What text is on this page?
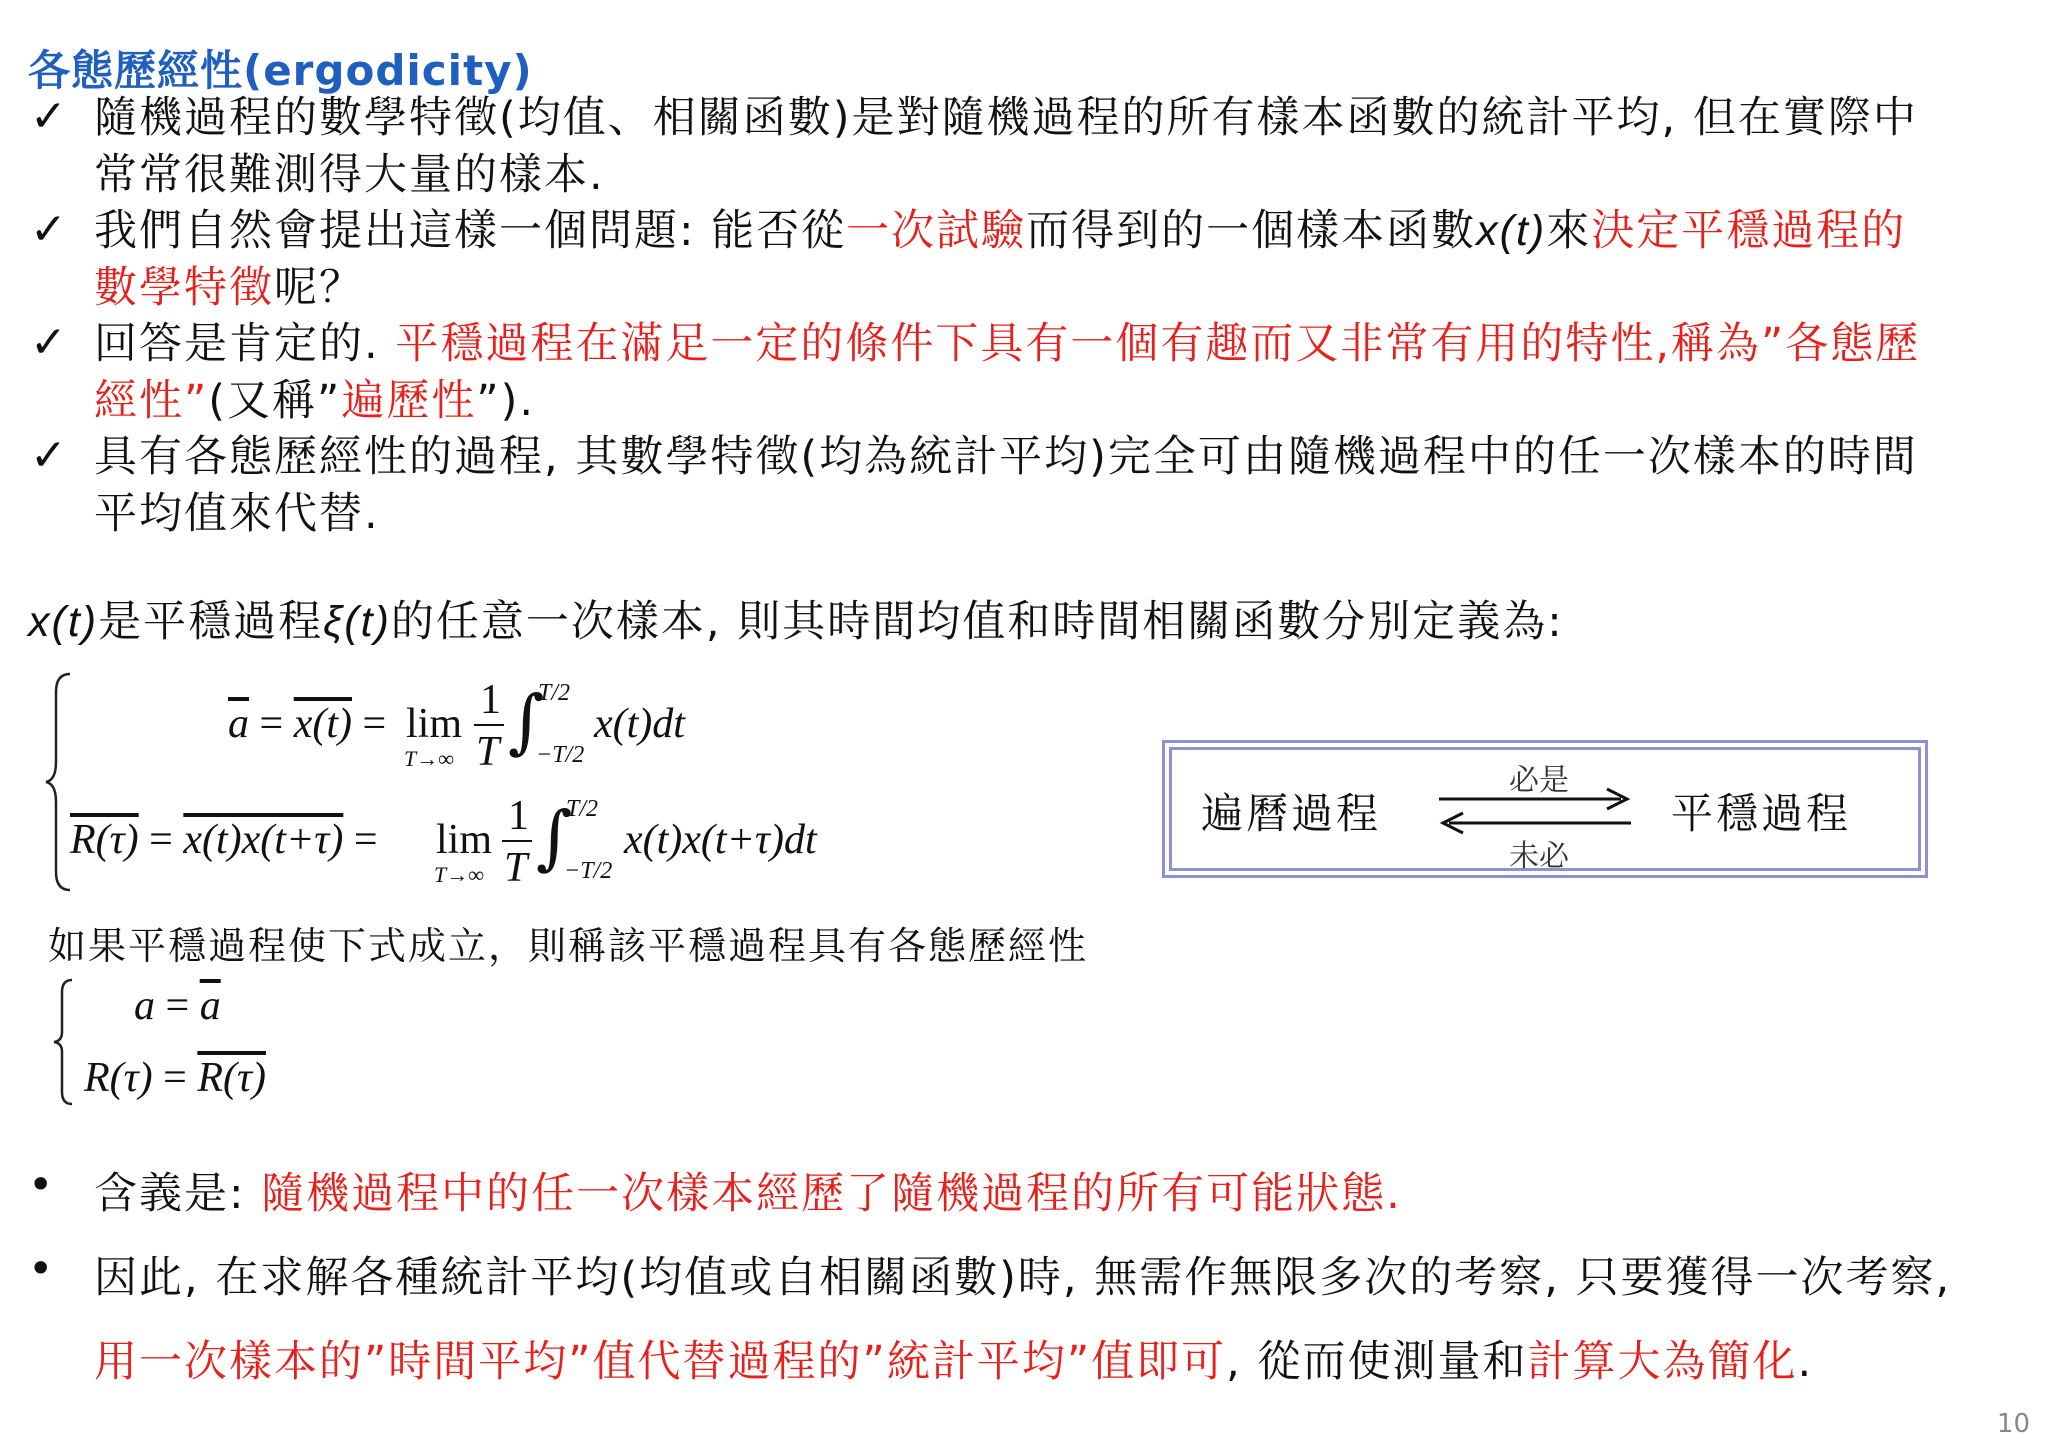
各態歷經性(ergodicity)
✓ 隨機過程的數學特徵(均值、相關函數)是對隨機過程的所有樣本函數的統計平均, 但在實際中
常常很難測得大量的樣本.
✓ 我們自然會提出這樣一個問題: 能否從一次試驗而得到的一個樣本函數x(t)來決定平穩過程的
數學特徵呢？
✓ 回答是肯定的. 平穩過程在滿足一定的條件下具有一個有趣而又非常有用的特性,稱為”各態歷
經性”(又稱”遍歷性”).
✓ 具有各態歷經性的過程, 其數學特徵(均為統計平均)完全可由隨機過程中的任一次樣本的時間
平均值來代替.
x(t)是平穩過程ξ(t)的任意一次樣本, 則其時間均值和時間相關函數分別定義為:
$\overline{a} = x(t) = \lim$
T→∞
1
T ∫
T/2
−T/2
x(t)dt
R(τ) = x(t)x(t+τ) = lim
T→∞
1
T ∫
T/2
−T/2
x(t)x(t+τ)dt
遍曆過程
必是
未必
平穩過程
如果平穩過程使下式成立，則稱該平穩過程具有各態歷經性
$a = \overline{a}$
R(τ) = R(τ)
• 含義是: 隨機過程中的任一次樣本經歷了隨機過程的所有可能狀態.
• 因此, 在求解各種統計平均(均值或自相關函數)時, 無需作無限多次的考察, 只要獲得一次考察,
用一次樣本的”時間平均”值代替過程的”統計平均”值即可, 從而使測量和計算大為簡化.
10
